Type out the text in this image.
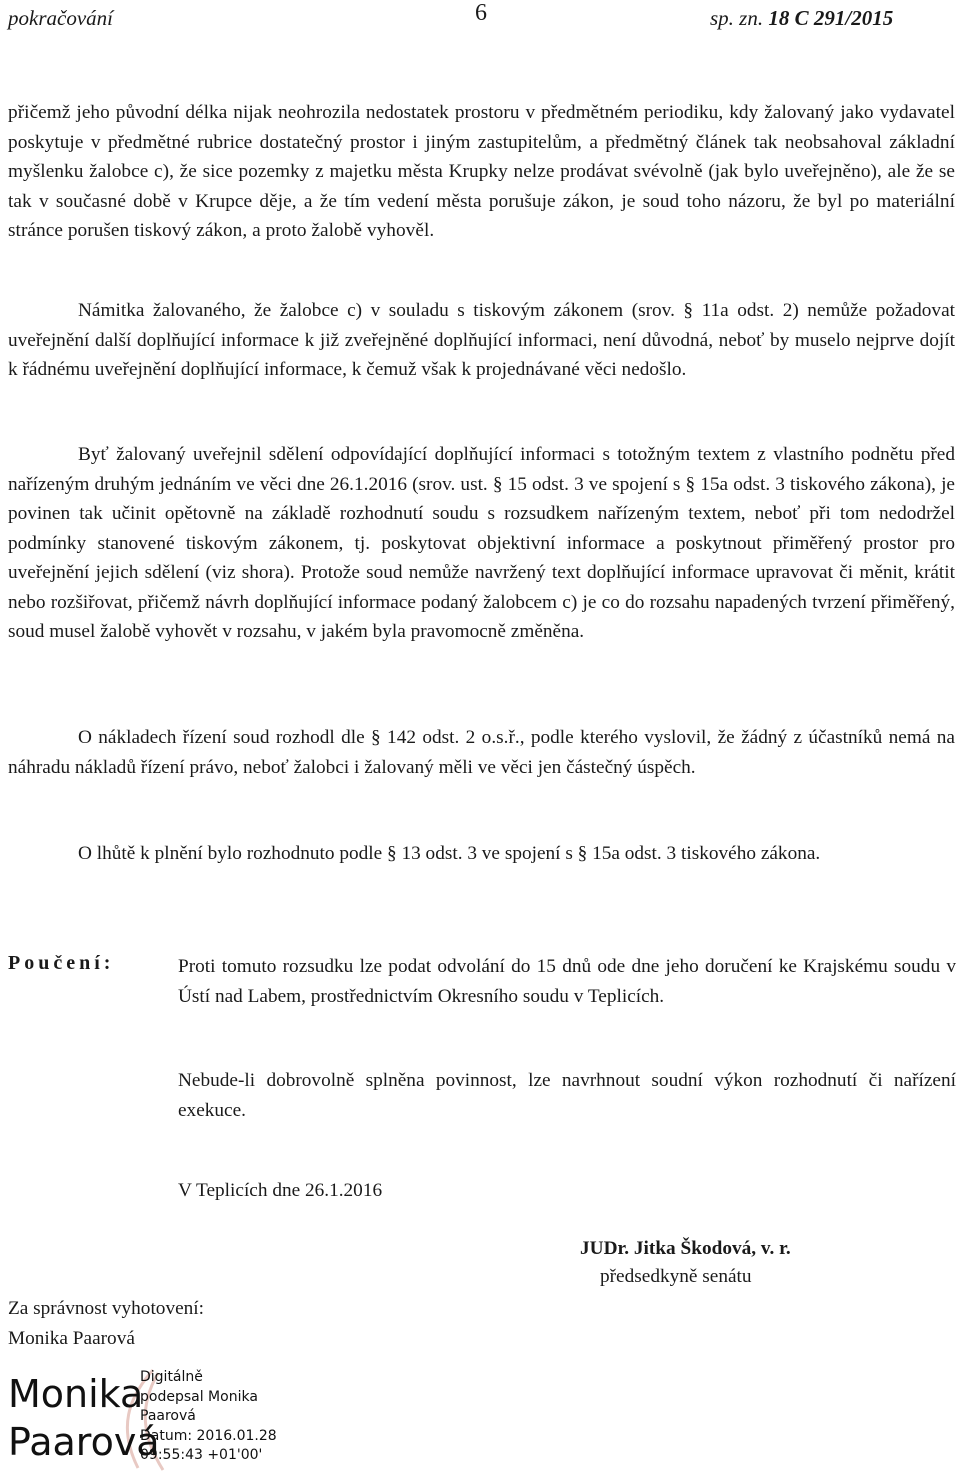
pokračování	6	sp. zn. 18 C 291/2015

přičemž jeho původní délka nijak neohrozila nedostatek prostoru v předmětném periodiku, kdy žalovaný jako vydavatel poskytuje v předmětné rubrice dostatečný prostor i jiným zastupitelům, a předmětný článek tak neobsahoval základní myšlenku žalobce c), že sice pozemky z majetku města Krupky nelze prodávat svévolně (jak bylo uveřejněno), ale že se tak v současné době v Krupce děje, a že tím vedení města porušuje zákon, je soud toho názoru, že byl po materiální stránce porušen tiskový zákon, a proto žalobě vyhověl.

Námitka žalovaného, že žalobce c) v souladu s tiskovým zákonem (srov. § 11a odst. 2) nemůže požadovat uveřejnění další doplňující informace k již zveřejněné doplňující informaci, není důvodná, neboť by muselo nejprve dojít k řádnému uveřejnění doplňující informace, k čemuž však k projednávané věci nedošlo.

Byť žalovaný uveřejnil sdělení odpovídající doplňující informaci s totožným textem z vlastního podnětu před nařízeným druhým jednáním ve věci dne 26.1.2016 (srov. ust. § 15 odst. 3 ve spojení s § 15a odst. 3 tiskového zákona), je povinen tak učinit opětovně na základě rozhodnutí soudu s rozsudkem nařízeným textem, neboť při tom nedodržel podmínky stanovené tiskovým zákonem, tj. poskytovat objektivní informace a poskytnout přiměřený prostor pro uveřejnění jejich sdělení (viz shora). Protože soud nemůže navržený text doplňující informace upravovat či měnit, krátit nebo rozšiřovat, přičemž návrh doplňující informace podaný žalobcem c) je co do rozsahu napadených tvrzení přiměřený, soud musel žalobě vyhovět v rozsahu, v jakém byla pravomocně změněna.

O nákladech řízení soud rozhodl dle § 142 odst. 2 o.s.ř., podle kterého vyslovil, že žádný z účastníků nemá na náhradu nákladů řízení právo, neboť žalobci i žalovaný měli ve věci jen částečný úspěch.

O lhůtě k plnění bylo rozhodnuto podle § 13 odst. 3 ve spojení s § 15a odst. 3 tiskového zákona.

Poučení:	Proti tomuto rozsudku lze podat odvolání do 15 dnů ode dne jeho doručení ke Krajskému soudu v Ústí nad Labem, prostřednictvím Okresního soudu v Teplicích.

Nebude-li dobrovolně splněna povinnost, lze navrhnout soudní výkon rozhodnutí či nařízení exekuce.

V Teplicích dne 26.1.2016
JUDr. Jitka Škodová, v. r.
předsedkyně senátu
Za správnost vyhotovení:
Monika Paarová
Monika
Paarová
Digitálně
podepsal Monika
Paarová
Datum: 2016.01.28
09:55:43 +01'00'
